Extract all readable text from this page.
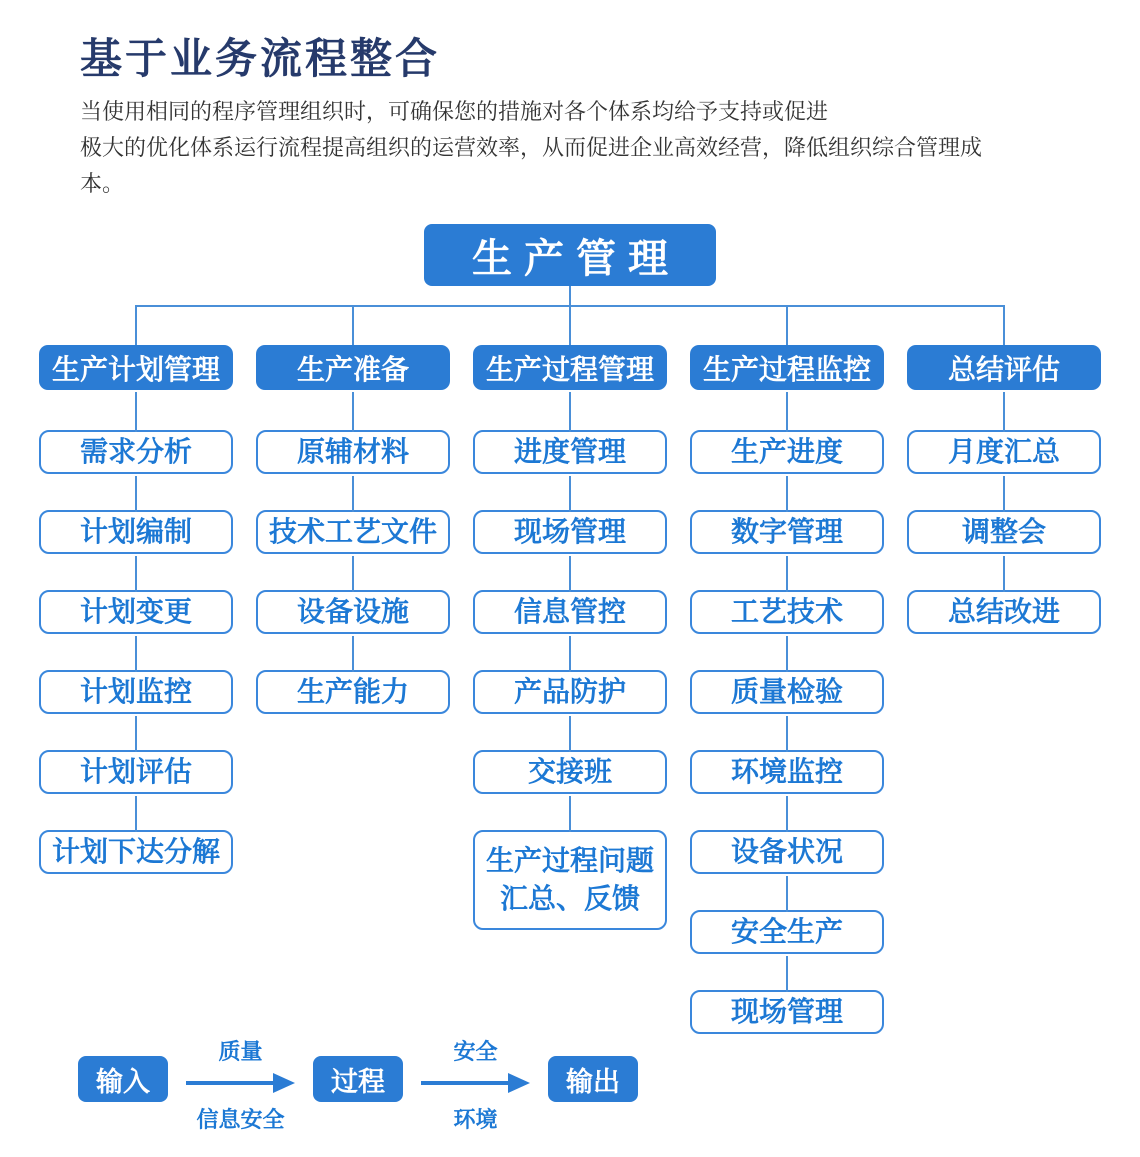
基于业务流程整合
当使用相同的程序管理组织时，可确保您的措施对各个体系均给予支持或促进
极大的优化体系运行流程提高组织的运营效率，从而促进企业高效经营，降低组织综合管理成
本。
生产管理
生产计划管理
需求分析
计划编制
计划变更
计划监控
计划评估
计划下达分解
生产准备
原辅材料
技术工艺文件
设备设施
生产能力
生产过程管理
进度管理
现场管理
信息管控
产品防护
交接班
生产过程问题汇总、反馈
生产过程监控
生产进度
数字管理
工艺技术
质量检验
环境监控
设备状况
安全生产
现场管理
总结评估
月度汇总
调整会
总结改进
输入
质量
信息安全
过程
安全
环境
输出
